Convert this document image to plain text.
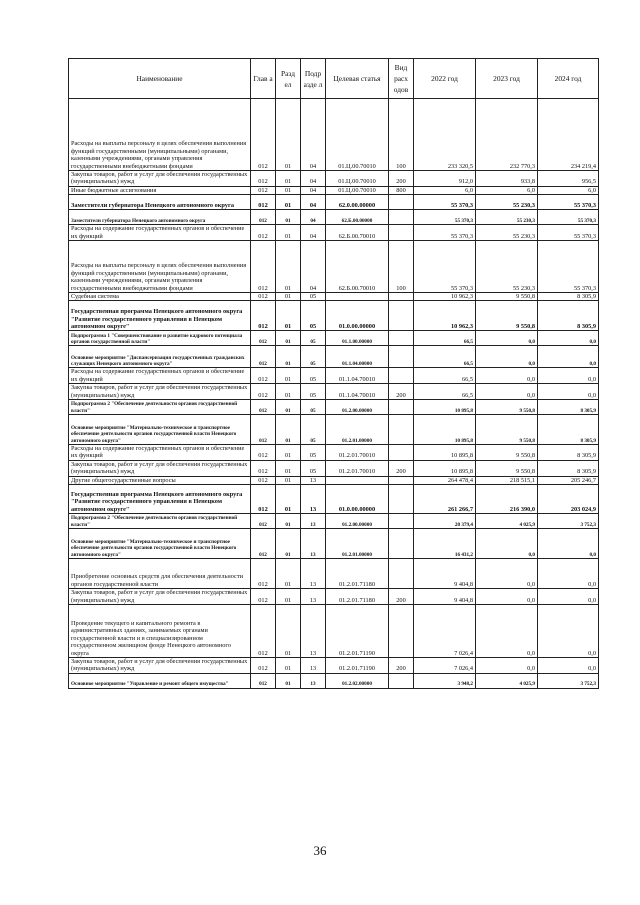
Наименование	Глав а	Разд ел	Подр азде л	Целевая статья	Вид расх одов	2022 год	2023 год	2024 год
Расходы на выплаты персоналу в целях обеспечения выполнения функций государственными (муниципальными) органами, казенными учреждениями, органами управления государственными внебюджетными фондами	012	01	04	01.Ц.00.70010	100	233 320,5	232 770,3	234 219,4
Закупка товаров, работ и услуг для обеспечения государственных (муниципальных) нужд	012	01	04	01.Ц.00.70010	200	912,0	933,8	956,5
Иные бюджетные ассигнования	012	01	04	01.Ц.00.70010	800	6,0	6,0	6,0
Заместители губернатора Ненецкого автономного округа	012	01	04	62.0.00.00000		55 370,3	55 230,3	55 370,3
Заместители губернатора Ненецкого автономного округа	012	01	04	62.Б.00.00000		55 370,3	55 230,3	55 370,3
Расходы на содержание государственных органов и обеспечение их функций	012	01	04	62.Б.00.70010		55 370,3	55 230,3	55 370,3
Расходы на выплаты персоналу в целях обеспечения выполнения функций государственными (муниципальными) органами, казенными учреждениями, органами управления государственными внебюджетными фондами	012	01	04	62.Б.00.70010	100	55 370,3	55 230,3	55 370,3
Судебная система	012	01	05			10 962,3	9 550,8	8 305,9
Государственная программа Ненецкого автономного округа "Развитие государственного управления в Ненецком автономном округе"	012	01	05	01.0.00.00000		10 962,3	9 550,8	8 305,9
Подпрограмма 1 "Совершенствование и развитие кадрового потенциала органов государственной власти"	012	01	05	01.1.00.00000		66,5	0,0	0,0
Основное мероприятие "Диспансеризация государственных гражданских служащих Ненецкого автономного округа"	012	01	05	01.1.04.00000		66,5	0,0	0,0
Расходы на содержание государственных органов и обеспечение их функций	012	01	05	01.1.04.70010		66,5	0,0	0,0
Закупка товаров, работ и услуг для обеспечения государственных (муниципальных) нужд	012	01	05	01.1.04.70010	200	66,5	0,0	0,0
Подпрограмма 2 "Обеспечение деятельности органов государственной власти"	012	01	05	01.2.00.00000		10 895,8	9 550,8	8 305,9
Основное мероприятие "Материально-техническое и транспортное обеспечение деятельности органов государственной власти Ненецкого автономного округа"	012	01	05	01.2.01.00000		10 895,8	9 550,8	8 305,9
Расходы на содержание государственных органов и обеспечение их функций	012	01	05	01.2.01.70010		10 895,8	9 550,8	8 305,9
Закупка товаров, работ и услуг для обеспечения государственных (муниципальных) нужд	012	01	05	01.2.01.70010	200	10 895,8	9 550,8	8 305,9
Другие общегосударственные вопросы	012	01	13			264 478,4	218 515,1	205 246,7
Государственная программа Ненецкого автономного округа "Развитие государственного управления в Ненецком автономном округе"	012	01	13	01.0.00.00000		261 266,7	216 390,0	203 024,9
Подпрограмма 2 "Обеспечение деятельности органов государственной власти"	012	01	13	01.2.00.00000		20 379,4	4 025,9	3 752,3
Основное мероприятие "Материально-техническое и транспортное обеспечение деятельности органов государственной власти Ненецкого автономного округа"	012	01	13	01.2.01.00000		16 431,2	0,0	0,0
Приобретение основных средств для обеспечения деятельности органов государственной власти	012	01	13	01.2.01.71180		9 404,8	0,0	0,0
Закупка товаров, работ и услуг для обеспечения государственных (муниципальных) нужд	012	01	13	01.2.01.71180	200	9 404,8	0,0	0,0
Проведение текущего и капитального ремонта в административных зданиях, занимаемых органами государственной власти и в специализированном государственном жилищном фонде Ненецкого автономного округа	012	01	13	01.2.01.71190		7 026,4	0,0	0,0
Закупка товаров, работ и услуг для обеспечения государственных (муниципальных) нужд	012	01	13	01.2.01.71190	200	7 026,4	0,0	0,0
Основное мероприятие "Управление и ремонт общего имущества"	012	01	13	01.2.02.00000		3 948,2	4 025,9	3 752,3
36
